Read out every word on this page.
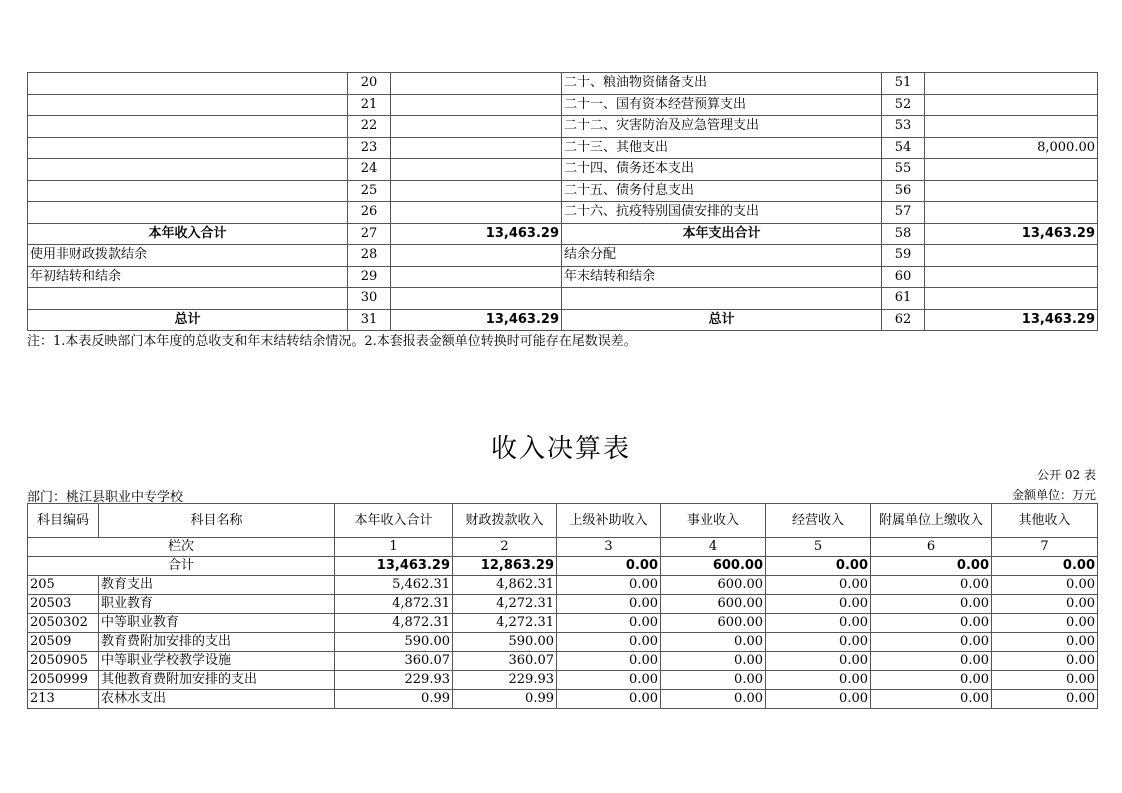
	20		二十、粮油物资储备支出	51	
	21		二十一、国有资本经营预算支出	52	
	22		二十二、灾害防治及应急管理支出	53	
	23		二十三、其他支出	54	8,000.00
	24		二十四、债务还本支出	55	
	25		二十五、债务付息支出	56	
	26		二十六、抗疫特别国债安排的支出	57	
本年收入合计	27	13,463.29	本年支出合计	58	13,463.29
使用非财政拨款结余	28		结余分配	59	
年初结转和结余	29		年末结转和结余	60	
	30			61	
总计	31	13,463.29	总计	62	13,463.29
注：1.本表反映部门本年度的总收支和年末结转结余情况。2.本套报表金额单位转换时可能存在尾数误差。
收入决算表
公开 02 表
部门：桃江县职业中专学校	金额单位：万元
科目编码	科目名称	本年收入合计	财政拨款收入	上级补助收入	事业收入	经营收入	附属单位上缴收入	其他收入
栏次		1	2	3	4	5	6	7
合计		13,463.29	12,863.29	0.00	600.00	0.00	0.00	0.00
205	教育支出	5,462.31	4,862.31	0.00	600.00	0.00	0.00	0.00
20503	职业教育	4,872.31	4,272.31	0.00	600.00	0.00	0.00	0.00
2050302	中等职业教育	4,872.31	4,272.31	0.00	600.00	0.00	0.00	0.00
20509	教育费附加安排的支出	590.00	590.00	0.00	0.00	0.00	0.00	0.00
2050905	中等职业学校教学设施	360.07	360.07	0.00	0.00	0.00	0.00	0.00
2050999	其他教育费附加安排的支出	229.93	229.93	0.00	0.00	0.00	0.00	0.00
213	农林水支出	0.99	0.99	0.00	0.00	0.00	0.00	0.00
